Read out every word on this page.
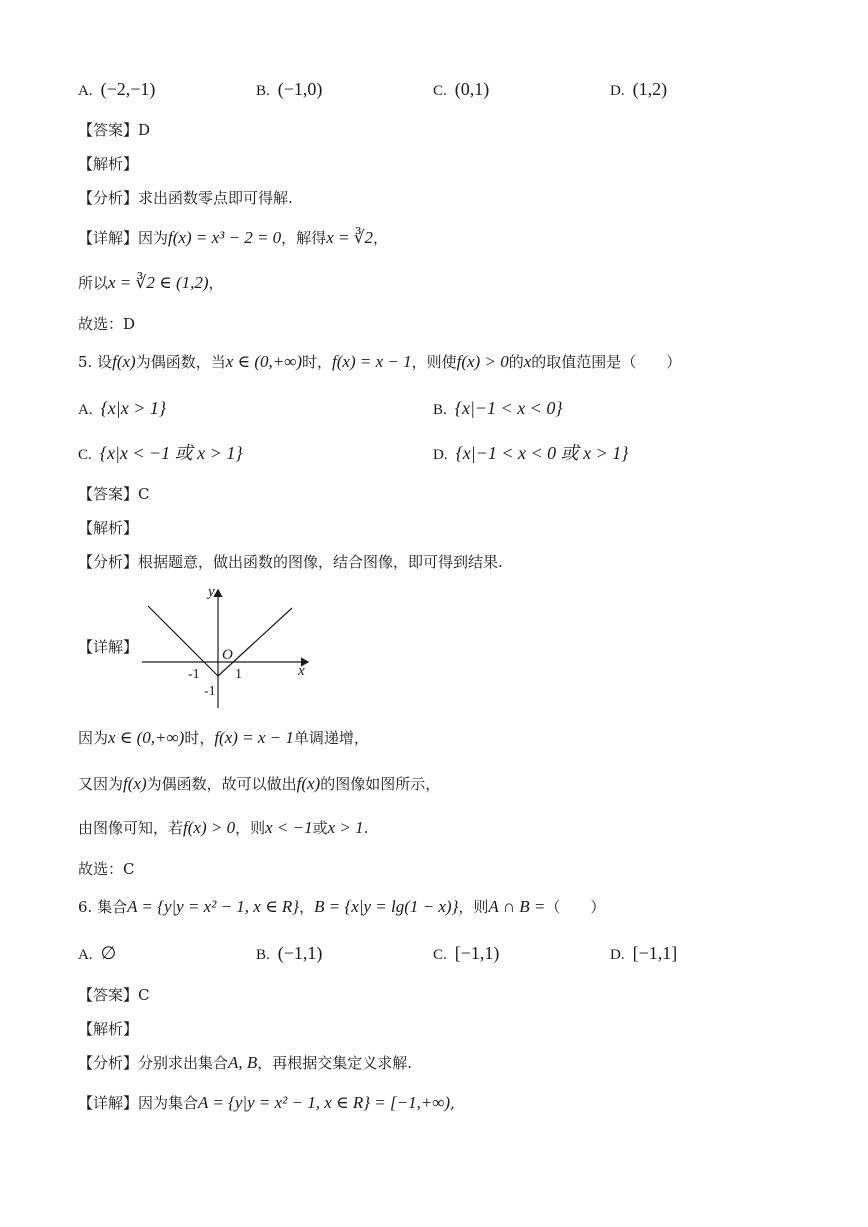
A. (−2,−1)	B. (−1,0)	C. (0,1)	D. (1,2)
【答案】D
【解析】
【分析】求出函数零点即可得解.
【详解】因为f(x) = x³ − 2 = 0，解得x = ∛2，
所以x = ∛2 ∈ (1,2)，
故选：D
5. 设f(x)为偶函数，当x ∈ (0,+∞)时，f(x) = x − 1，则使f(x) > 0的x的取值范围是（　　）
A. {x|x > 1}	B. {x|−1 < x < 0}
C. {x|x < −1 或 x > 1}	D. {x|−1 < x < 0 或 x > 1}
【答案】C
【解析】
【分析】根据题意，做出函数的图像，结合图像，即可得到结果.
【详解】
y
x
O
-1	1
-1
因为x ∈ (0,+∞)时，f(x) = x − 1单调递增，
又因为f(x)为偶函数，故可以做出f(x)的图像如图所示，
由图像可知，若f(x) > 0，则x < −1或x > 1.
故选：C
6. 集合A = {y|y = x² − 1, x ∈ R}，B = {x|y = lg(1 − x)}，则A ∩ B =（　　）
A. ∅	B. (−1,1)	C. [−1,1)	D. [−1,1]
【答案】C
【解析】
【分析】分别求出集合A, B，再根据交集定义求解.
【详解】因为集合A = {y|y = x² − 1, x ∈ R} = [−1,+∞),
